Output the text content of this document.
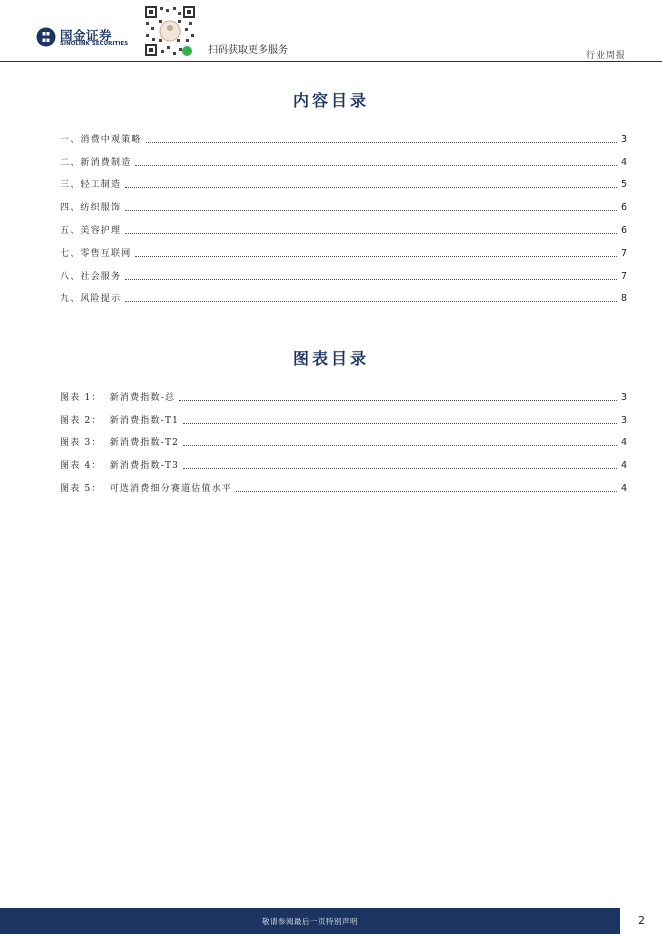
国金证券
SINOLINK SECURITIES
扫码获取更多服务	行业周报
内容目录
一、消费中观策略	3
二、新消费制造	4
三、轻工制造	5
四、纺织服饰	6
五、美容护理	6
七、零售互联网	7
八、社会服务	7
九、风险提示	8
图表目录
图表 1：  新消费指数-总	3
图表 2：  新消费指数-T1	3
图表 3：  新消费指数-T2	4
图表 4：  新消费指数-T3	4
图表 5：  可选消费细分赛道估值水平	4
敬请参阅最后一页特别声明	2
